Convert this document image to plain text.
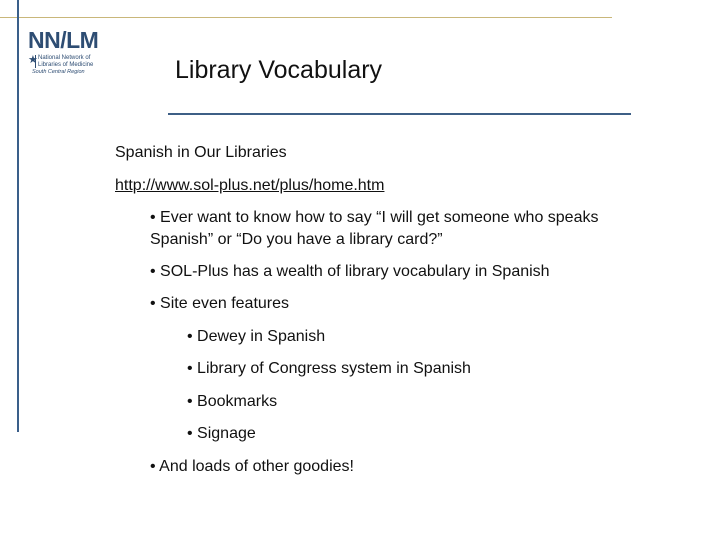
NN/LM
★ National Network of
Libraries of Medicine
South Central Region	Library Vocabulary

Spanish in Our Libraries

http://www.sol-plus.net/plus/home.htm

• Ever want to know how to say “I will get someone who speaks Spanish” or “Do you have a library card?”

• SOL-Plus has a wealth of library vocabulary in Spanish

• Site even features

• Dewey in Spanish

• Library of Congress system in Spanish

• Bookmarks

• Signage

• And loads of other goodies!
